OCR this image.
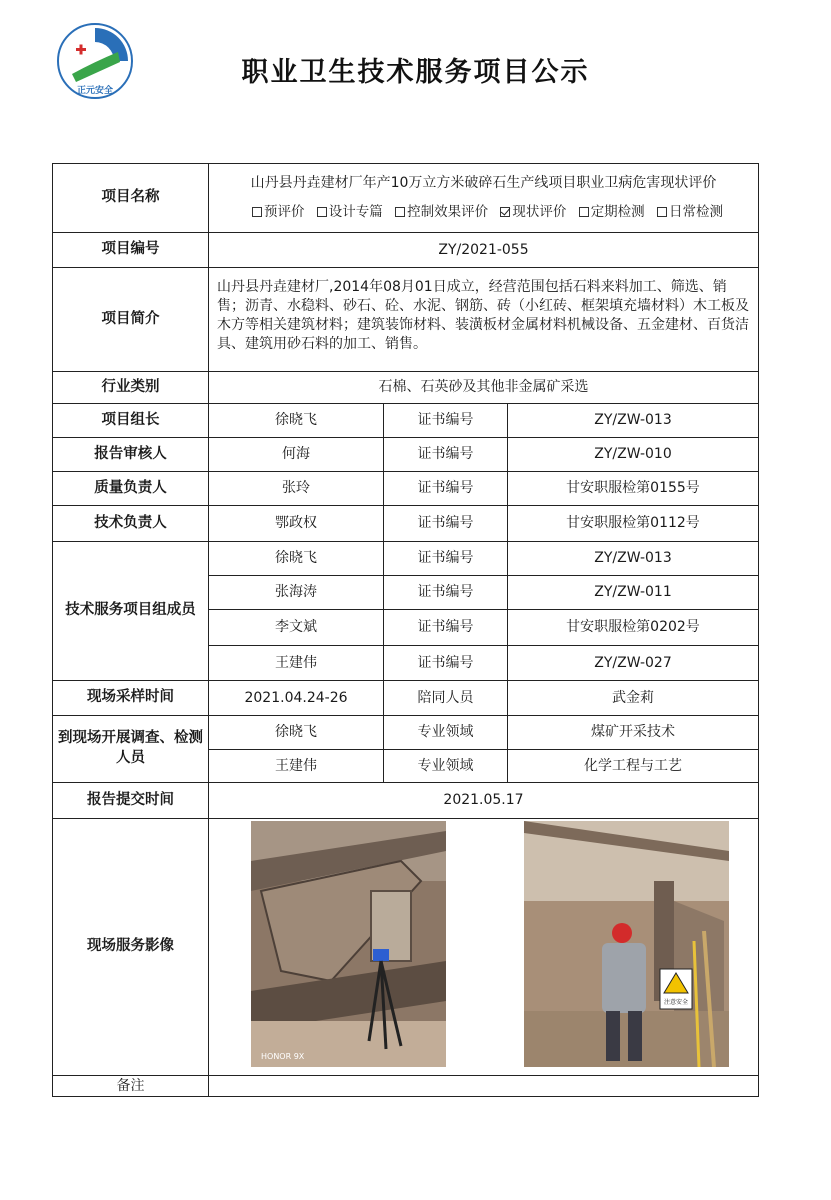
正元安全
职业卫生技术服务项目公示
项目名称
山丹县丹垚建材厂年产10万立方米破碎石生产线项目职业卫病危害现状评价
预评价 设计专篇 控制效果评价 现状评价 定期检测 日常检测
项目编号	ZY/2021-055
项目简介
山丹县丹垚建材厂,2014年08月01日成立，经营范围包括石料来料加工、筛选、销售；沥青、水稳料、砂石、砼、水泥、钢筋、砖（小红砖、框架填充墙材料）木工板及木方等相关建筑材料；建筑装饰材料、装潢板材金属材料机械设备、五金建材、百货洁具、建筑用砂石料的加工、销售。
行业类别	石棉、石英砂及其他非金属矿采选
项目组长	徐晓飞	证书编号	ZY/ZW-013
报告审核人	何海	证书编号	ZY/ZW-010
质量负责人	张玲	证书编号	甘安职服检第0155号
技术负责人	鄂政权	证书编号	甘安职服检第0112号
技术服务项目组成员
徐晓飞	证书编号	ZY/ZW-013
张海涛	证书编号	ZY/ZW-011
李文斌	证书编号	甘安职服检第0202号
王建伟	证书编号	ZY/ZW-027
现场采样时间	2021.04.24-26	陪同人员	武金莉
到现场开展调查、检测人员
徐晓飞	专业领域	煤矿开采技术
王建伟	专业领域	化学工程与工艺
报告提交时间	2021.05.17
现场服务影像
HONOR 9X
注意安全
备注
